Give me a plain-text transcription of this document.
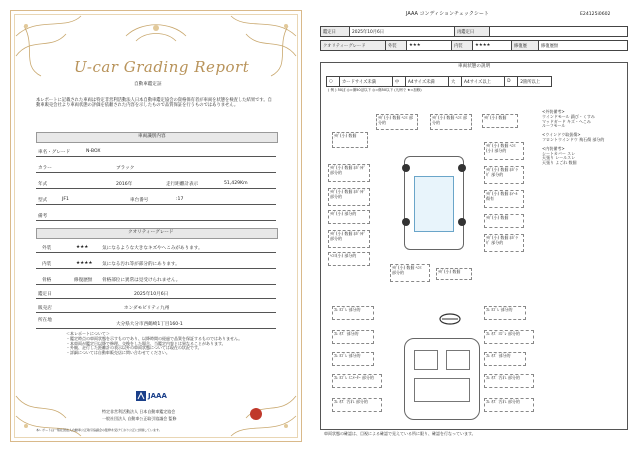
U-car Grading Report
自動車鑑定証
本レポートに記載された車両は特定非営利活動法人日本自動車鑑定協会の資格保有者が車両を状態を検査した結果です。自動車販売会社より車両状態の評価を依頼された内容を示したもので品質保証を行うものではありません。
車両識別内容
車名・グレード	N-BOX
カラー	ブラック
年式	2016年	走行距離計表示	51,429Km
型式	JF1	車台番号	:17
備考
クオリティーグレード
外装	★★★	気になるような大きなキズやへこみがあります。
内装	★★★★ 気になる汚れ等が部分的にあります。
骨格	修復歴無 骨格部位に異常は見受けられません。
鑑定日	2025年10月6日
販売店	ホンダモビリティ九州
所在地
大分県大分市西鶴崎1丁目160-1
＜本レポートについて＞
・鑑定時点の車両状態を示すものであり、以降時間の経過で品質を保証するものではありません。
・本車両が鑑定日以降で修理、交換をした場合、当鑑定内容とは異なることがあります。
・外観、走行した距離計の表示以外の車両状態については現在の状況です。
・詳細については自動車販売店に問い合わせてください。
JAAA
特定非営利活動法人 日本自動車鑑定協会
一般社団法人 自動車公正取引協議会 監修
本レポートは一般社団法人自動車公正取引協議会の監修を受けており公正に評価しています。
JAAA コンディションチェックシート	E24125i0602
鑑定日	2025年10月6日	再鑑定日	
クオリティーグレード	外装	★★★	内装	★★★★	修復歴	修復歴無
車両状態の説明
○	カードサイズ未満	中	A4サイズ未満	大	A4サイズ以上	D	2箇所以上
( 例 ) 50ぼ ◎=傷50ぼ以下 ◎=傷50以下 (凡例で ★=加修)
ﾗｷﾞ(小) 数個
ﾗｷﾞ(小) 数個 ﾎｶﾞﾗｷﾞ 部分的
ﾗｷﾞ(小) 数個 ﾎｶﾞﾗｷﾞ 部分的
ﾗｷﾞ(小) 部分的
ﾗｷﾞ(小) 数個 ﾎｶﾞﾗｷﾞ 部分的
ﾍｺﾐ(小) 部分的
ﾗｷﾞ(小) 数個 ﾍｺﾐ 部分的
ﾗｷﾞ(小) 数個 ﾍｺﾐ 部分的
ﾗｷﾞ(小) 数個
ﾗｷﾞ(小) 数個 ﾍｺﾐ(小) 部分的
ﾗｷﾞ(小) 数個 ﾎｶﾞﾗｷﾞ 部分的
ﾗｷﾞ(小) 数個 ﾎｲｰﾙ 傷有
ﾗｷﾞ(小) 数個
ﾗｷﾞ(小) 数個 ﾎｶﾞﾗｷﾞ 部分的
ﾗｷﾞ(小) 数個 ﾍｺﾐ 部分的	ﾗｷﾞ(小) 数個
<外装備考>
ウインドモール 錆び・くすみ
マッドガード キズ・へこみ
ルーフモール
<ウインドウ取扱傷>
フロントウインドウ 飛石傷 部分的
<内装備考>
シートカバー スレ
天張り レールスレ
天張り よごれ 数個
ｽﾚ ﾖｺﾞﾚ 部分的
ｽﾚ ｷｽﾞ 部分的
ｽﾚ ﾖｺﾞﾚ 部分的
ｽﾚ ﾖｺﾞﾚ ﾐﾆﾒｰﾀｰ 部分的
ｽﾚ ｷｽﾞ 汚れ 部分的
ｽﾚ ﾖｺﾞﾚ 部分的
ｽﾚ ｷｽﾞ ﾖｺﾞﾚ 部分的
ｽﾚ ｷｽﾞ 部分的
ｽﾚ ｷｽﾞ 汚れ 部分的
ｽﾚ ｷｽﾞ 汚れ 部分的
車両状態の確認は、目視による確認で見えている所に限り、確認を行なっています。
